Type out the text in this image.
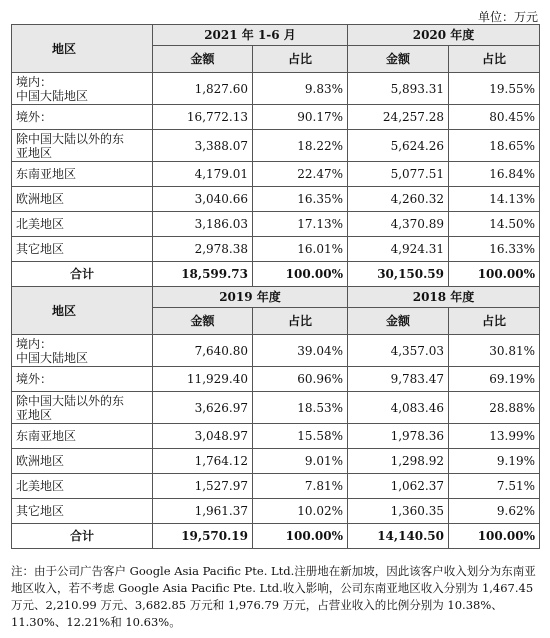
单位：万元
地区	2021 年 1-6 月		2020 年度	
	金额	占比	金额	占比
境内：
中国大陆地区	1,827.60	9.83%	5,893.31	19.55%
境外：	16,772.13	90.17%	24,257.28	80.45%
除中国大陆以外的东
亚地区	3,388.07	18.22%	5,624.26	18.65%
东南亚地区	4,179.01	22.47%	5,077.51	16.84%
欧洲地区	3,040.66	16.35%	4,260.32	14.13%
北美地区	3,186.03	17.13%	4,370.89	14.50%
其它地区	2,978.38	16.01%	4,924.31	16.33%
合计	18,599.73	100.00%	30,150.59	100.00%
地区	2019 年度		2018 年度	
	金额	占比	金额	占比
境内：
中国大陆地区	7,640.80	39.04%	4,357.03	30.81%
境外：	11,929.40	60.96%	9,783.47	69.19%
除中国大陆以外的东
亚地区	3,626.97	18.53%	4,083.46	28.88%
东南亚地区	3,048.97	15.58%	1,978.36	13.99%
欧洲地区	1,764.12	9.01%	1,298.92	9.19%
北美地区	1,527.97	7.81%	1,062.37	7.51%
其它地区	1,961.37	10.02%	1,360.35	9.62%
合计	19,570.19	100.00%	14,140.50	100.00%
注：由于公司广告客户 Google Asia Pacific Pte. Ltd.注册地在新加坡，因此该客户收入划分为东南亚地区收入，若不考虑 Google Asia Pacific Pte. Ltd.收入影响，公司东南亚地区收入分别为 1,467.45 万元、2,210.99 万元、3,682.85 万元和 1,976.79 万元，占营业收入的比例分别为 10.38%、11.30%、12.21%和 10.63%。
